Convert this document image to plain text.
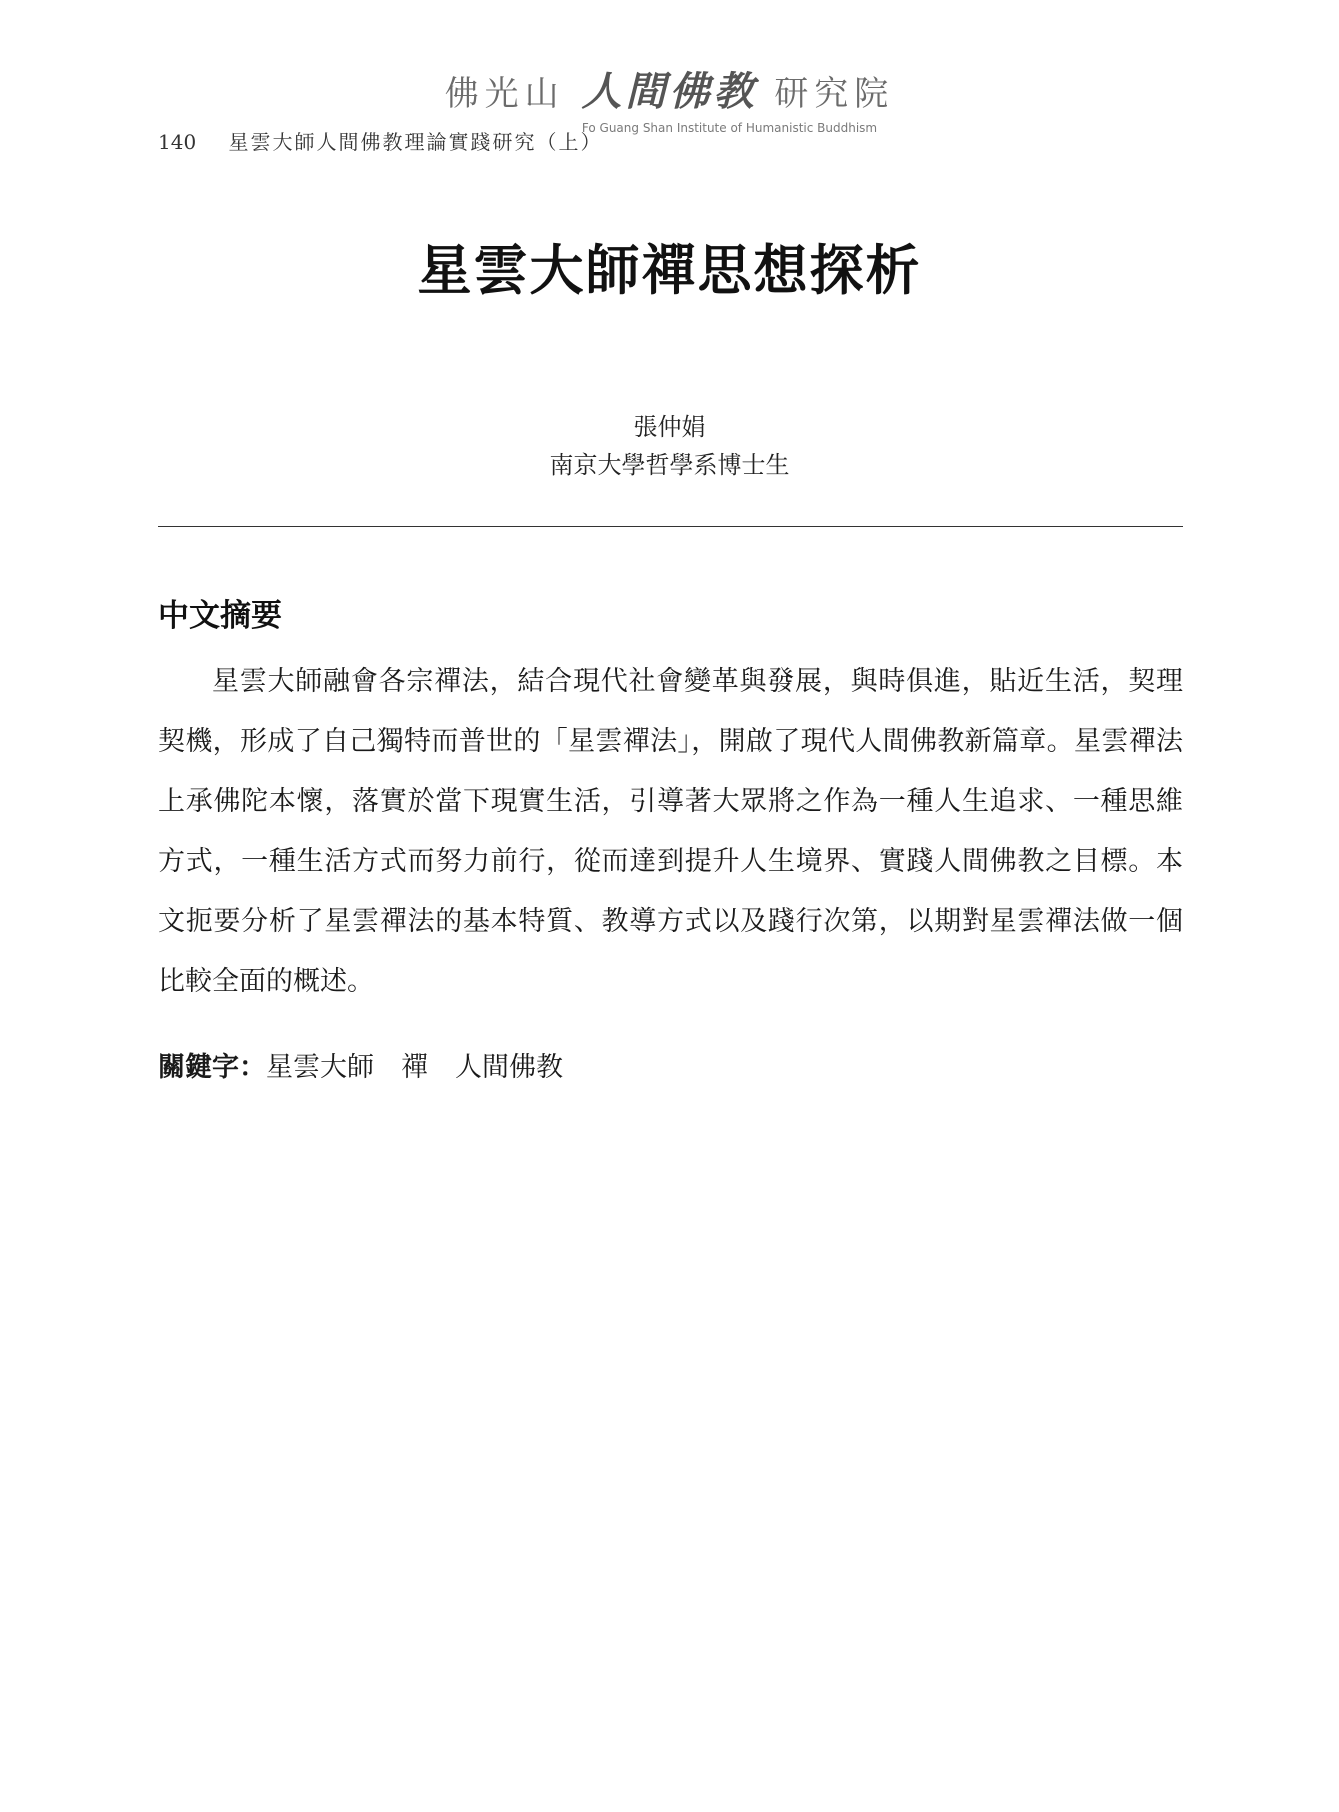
佛光山 人間佛教 研究院
Fo Guang Shan Institute of Humanistic Buddhism
140 星雲大師人間佛教理論實踐研究（上）
星雲大師禪思想探析
張仲娟
南京大學哲學系博士生
中文摘要

星雲大師融會各宗禪法，結合現代社會變革與發展，與時俱進，貼近生活，契理契機，形成了自己獨特而普世的「星雲禪法」，開啟了現代人間佛教新篇章。星雲禪法上承佛陀本懷，落實於當下現實生活，引導著大眾將之作為一種人生追求、一種思維方式，一種生活方式而努力前行，從而達到提升人生境界、實踐人間佛教之目標。本文扼要分析了星雲禪法的基本特質、教導方式以及踐行次第，以期對星雲禪法做一個比較全面的概述。

關鍵字：星雲大師　禪　人間佛教
